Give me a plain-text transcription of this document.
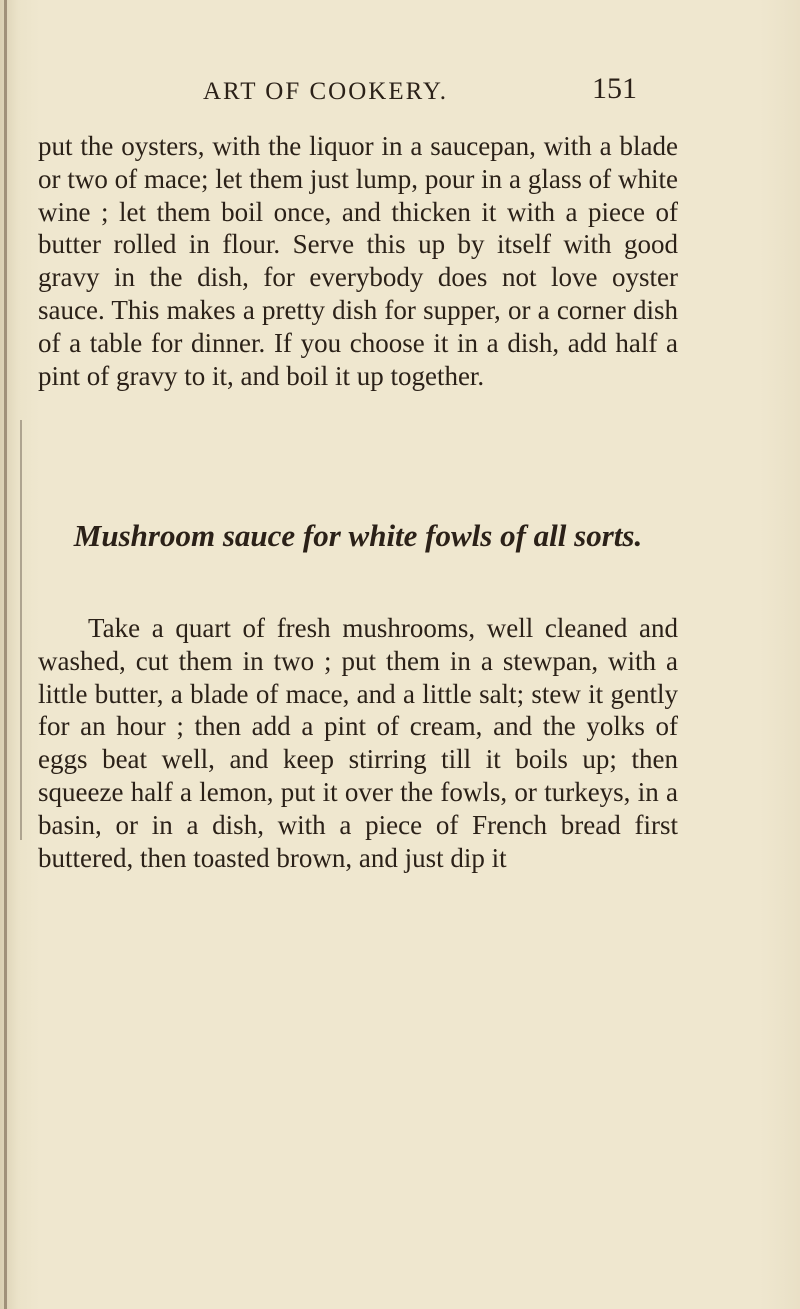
ART OF COOKERY.	151

put the oysters, with the liquor in a saucepan, with a blade or two of mace; let them just lump, pour in a glass of white wine ; let them boil once, and thicken it with a piece of butter rolled in flour. Serve this up by itself with good gravy in the dish, for everybody does not love oyster sauce. This makes a pretty dish for supper, or a corner dish of a table for dinner. If you choose it in a dish, add half a pint of gravy to it, and boil it up together.

Mushroom sauce for white fowls of all sorts.

Take a quart of fresh mushrooms, well cleaned and washed, cut them in two ; put them in a stewpan, with a little butter, a blade of mace, and a little salt; stew it gently for an hour ; then add a pint of cream, and the yolks of eggs beat well, and keep stirring till it boils up; then squeeze half a lemon, put it over the fowls, or turkeys, in a basin, or in a dish, with a piece of French bread first buttered, then toasted brown, and just dip it
